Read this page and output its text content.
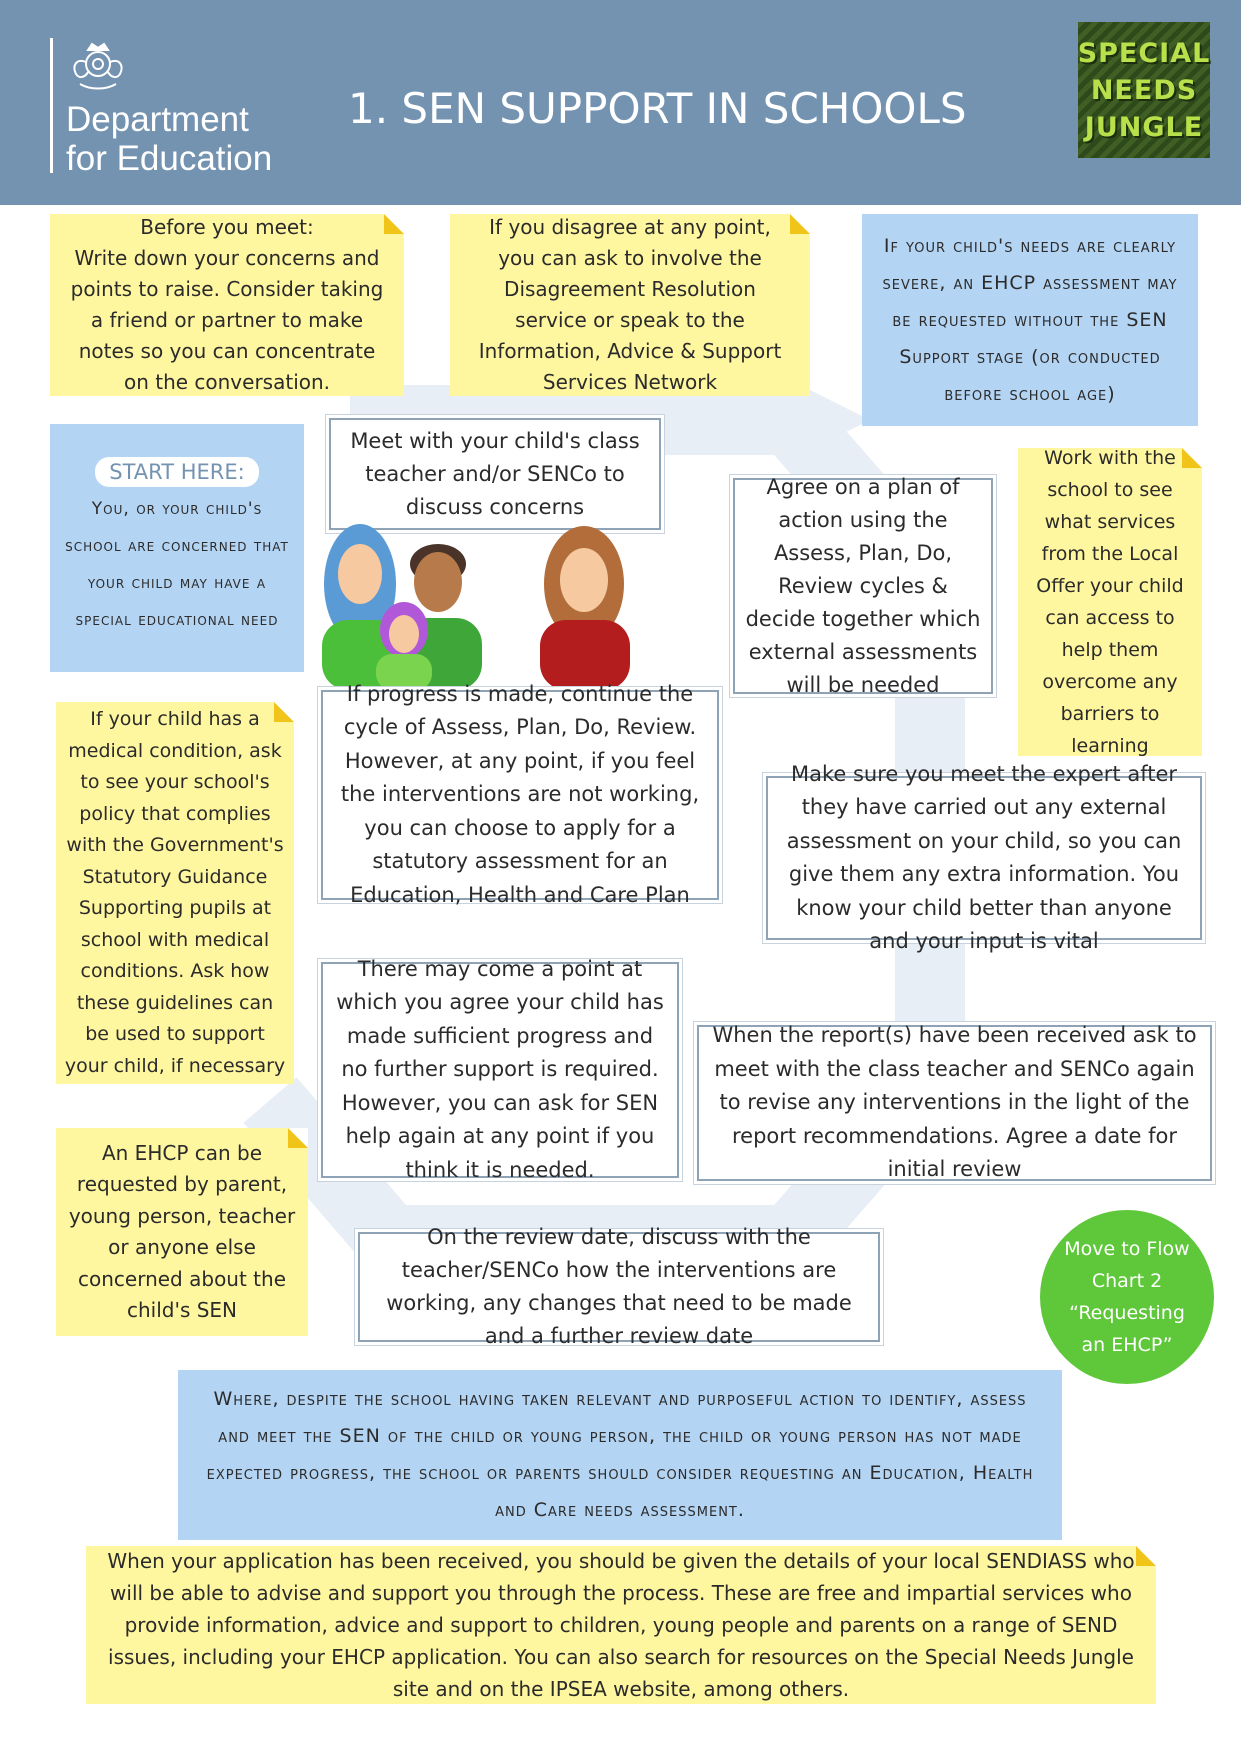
Department
for Education
1. SEN SUPPORT IN SCHOOLS
SPECIAL
NEEDS
JUNGLE
Before you meet:
Write down your concerns and points to raise. Consider taking a friend or partner to make notes so you can concentrate on the conversation.
If you disagree at any point, you can ask to involve the Disagreement Resolution service or speak to the Information, Advice & Support Services Network
If your child's needs are clearly severe, an EHCP assessment may be requested without the SEN Support stage (or conducted before school age)
START HERE:
You, or your child's school are concerned that your child may have a special educational need
Meet with your child's class teacher and/or SENCo to discuss concerns
Agree on a plan of action using the Assess, Plan, Do, Review cycles & decide together which external assessments will be needed
Work with the school to see what services from the Local Offer your child can access to help them overcome any barriers to learning
If your child has a medical condition, ask to see your school's policy that complies with the Government's Statutory Guidance Supporting pupils at school with medical conditions. Ask how these guidelines can be used to support your child, if necessary
If progress is made, continue the cycle of Assess, Plan, Do, Review. However, at any point, if you feel the interventions are not working, you can choose to apply for a statutory assessment for an Education, Health and Care Plan
Make sure you meet the expert after they have carried out any external assessment on your child, so you can give them any extra information. You know your child better than anyone and your input is vital
There may come a point at which you agree your child has made sufficient progress and no further support is required. However, you can ask for SEN help again at any point if you think it is needed.
When the report(s) have been received ask to meet with the class teacher and SENCo again to revise any interventions in the light of the report recommendations. Agree a date for initial review
An EHCP can be requested by parent, young person, teacher or anyone else concerned about the child's SEN
On the review date, discuss with the teacher/SENCo how the interventions are working, any changes that need to be made and a further review date
Move to Flow Chart 2 “Requesting an EHCP”
Where, despite the school having taken relevant and purposeful action to identify, assess and meet the SEN of the child or young person, the child or young person has not made expected progress, the school or parents should consider requesting an Education, Health and Care needs assessment.
When your application has been received, you should be given the details of your local SENDIASS who will be able to advise and support you through the process. These are free and impartial services who provide information, advice and support to children, young people and parents on a range of SEND issues, including your EHCP application. You can also search for resources on the Special Needs Jungle site and on the IPSEA website, among others.
